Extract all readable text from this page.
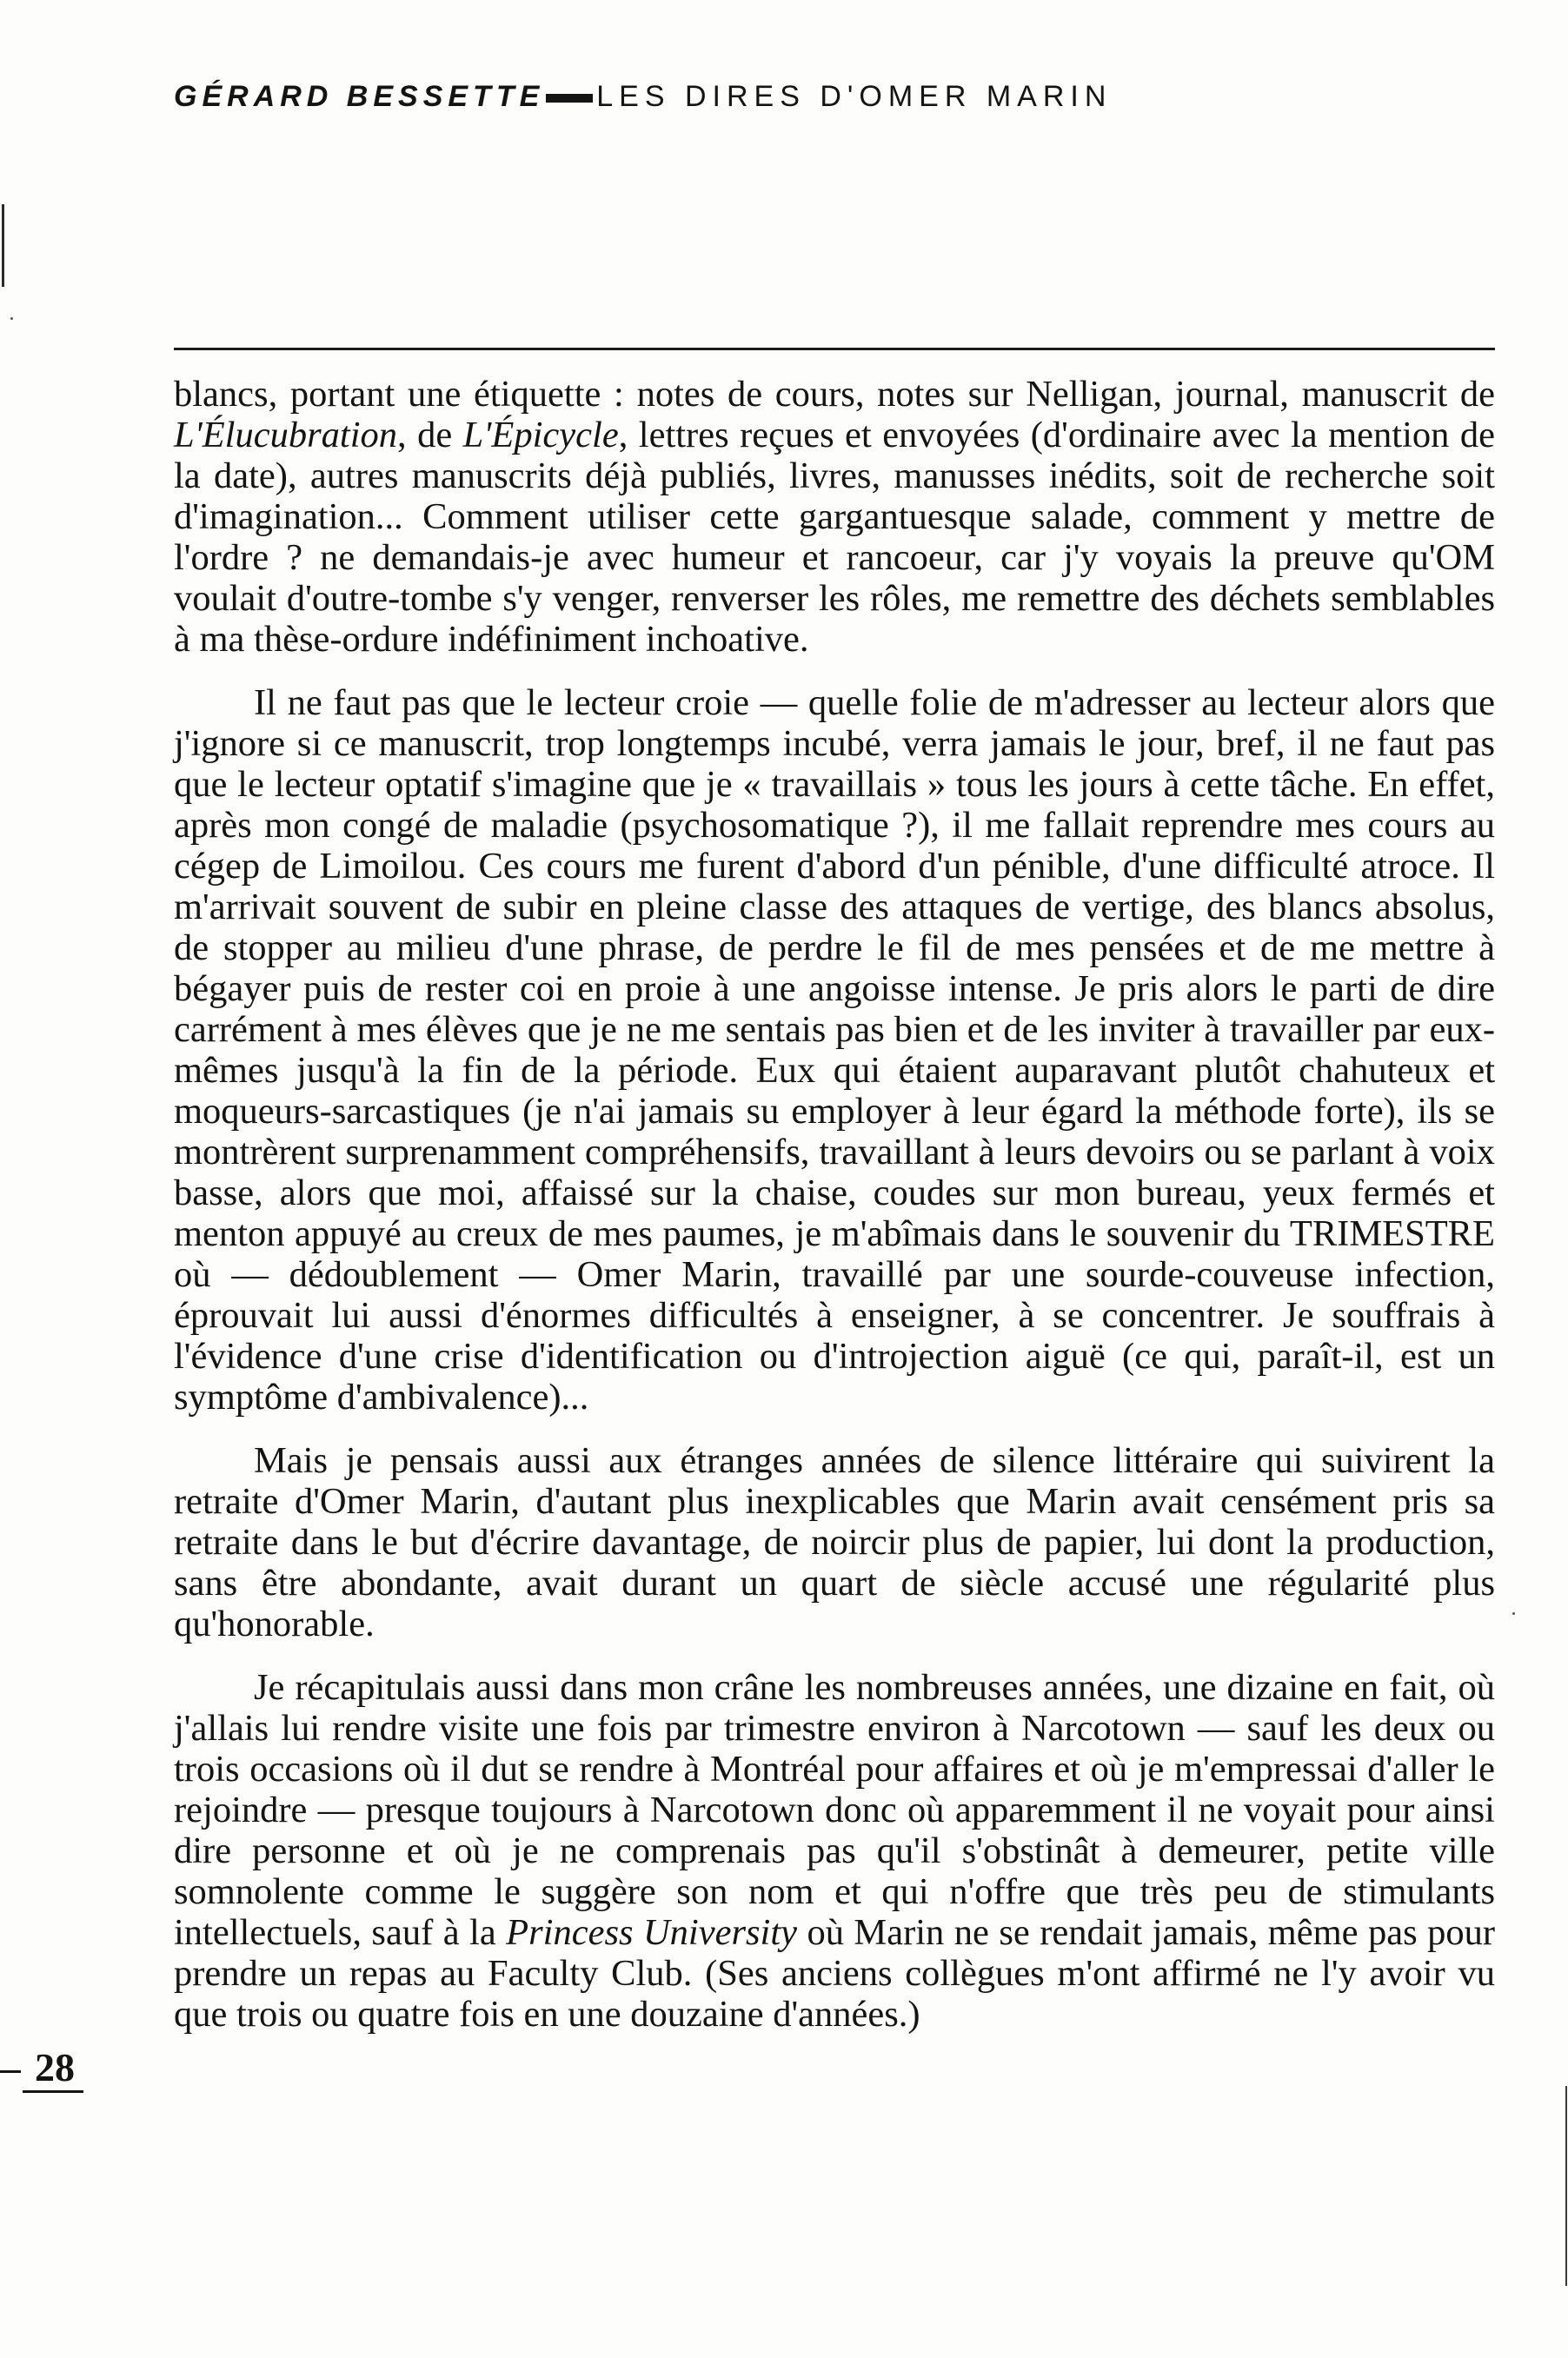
GÉRARD BESSETTE LES DIRES D'OMER MARIN

blancs, portant une étiquette : notes de cours, notes sur Nelligan, journal, manuscrit de L'Élucubration, de L'Épicycle, lettres reçues et envoyées (d'ordinaire avec la mention de la date), autres manuscrits déjà publiés, livres, manusses inédits, soit de recherche soit d'imagination... Comment utiliser cette gargantuesque salade, comment y mettre de l'ordre ? ne demandais-je avec humeur et rancoeur, car j'y voyais la preuve qu'OM voulait d'outre-tombe s'y venger, renverser les rôles, me remettre des déchets semblables à ma thèse-ordure indéfiniment inchoative.

Il ne faut pas que le lecteur croie — quelle folie de m'adresser au lecteur alors que j'ignore si ce manuscrit, trop longtemps incubé, verra jamais le jour, bref, il ne faut pas que le lecteur optatif s'imagine que je « travaillais » tous les jours à cette tâche. En effet, après mon congé de maladie (psychosomatique ?), il me fallait reprendre mes cours au cégep de Limoilou. Ces cours me furent d'abord d'un pénible, d'une difficulté atroce. Il m'arrivait souvent de subir en pleine classe des attaques de vertige, des blancs absolus, de stopper au milieu d'une phrase, de perdre le fil de mes pensées et de me mettre à bégayer puis de rester coi en proie à une angoisse intense. Je pris alors le parti de dire carrément à mes élèves que je ne me sentais pas bien et de les inviter à travailler par eux-mêmes jusqu'à la fin de la période. Eux qui étaient auparavant plutôt chahuteux et moqueurs-sarcastiques (je n'ai jamais su employer à leur égard la méthode forte), ils se montrèrent surprenamment compréhensifs, travaillant à leurs devoirs ou se parlant à voix basse, alors que moi, affaissé sur la chaise, coudes sur mon bureau, yeux fermés et menton appuyé au creux de mes paumes, je m'abîmais dans le souvenir du TRIMESTRE où — dédoublement — Omer Marin, travaillé par une sourde-couveuse infection, éprouvait lui aussi d'énormes difficultés à enseigner, à se concentrer. Je souffrais à l'évidence d'une crise d'identification ou d'introjection aiguë (ce qui, paraît-il, est un symptôme d'ambivalence)...

Mais je pensais aussi aux étranges années de silence littéraire qui suivirent la retraite d'Omer Marin, d'autant plus inexplicables que Marin avait censément pris sa retraite dans le but d'écrire davantage, de noircir plus de papier, lui dont la production, sans être abondante, avait durant un quart de siècle accusé une régularité plus qu'honorable.

Je récapitulais aussi dans mon crâne les nombreuses années, une dizaine en fait, où j'allais lui rendre visite une fois par trimestre environ à Narcotown — sauf les deux ou trois occasions où il dut se rendre à Montréal pour affaires et où je m'empressai d'aller le rejoindre — presque toujours à Narcotown donc où apparemment il ne voyait pour ainsi dire personne et où je ne comprenais pas qu'il s'obstinât à demeurer, petite ville somnolente comme le suggère son nom et qui n'offre que très peu de stimulants intellectuels, sauf à la Princess University où Marin ne se rendait jamais, même pas pour prendre un repas au Faculty Club. (Ses anciens collègues m'ont affirmé ne l'y avoir vu que trois ou quatre fois en une douzaine d'années.)

28
